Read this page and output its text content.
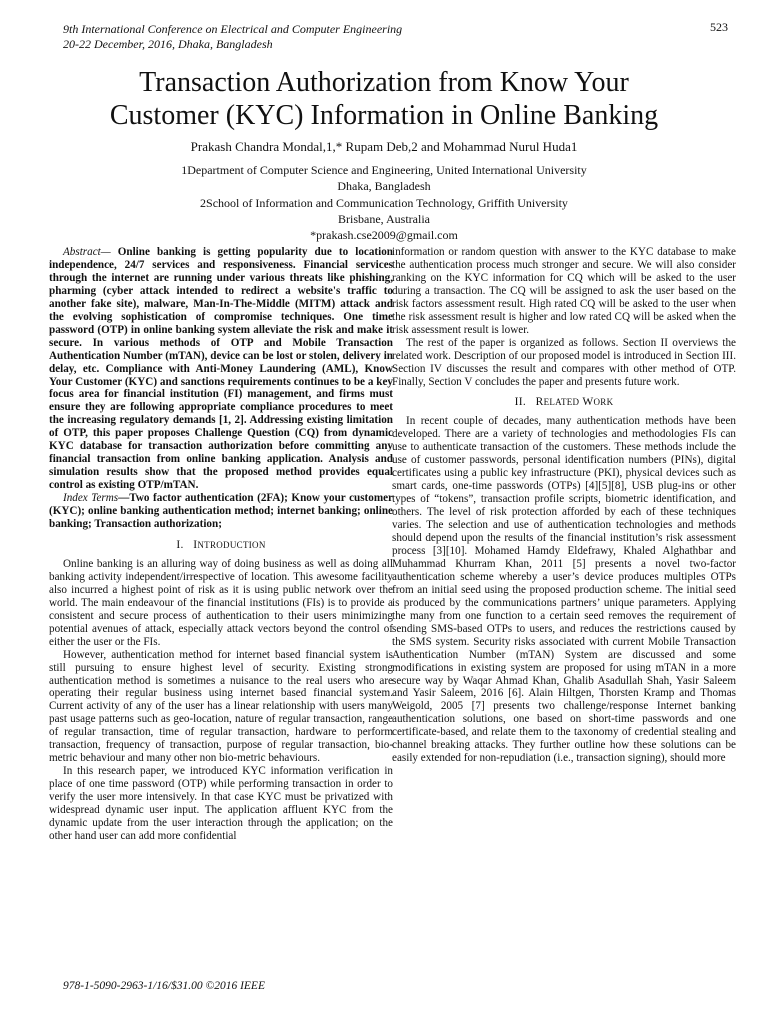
9th International Conference on Electrical and Computer Engineering
20-22 December, 2016, Dhaka, Bangladesh
523
Transaction Authorization from Know Your
Customer (KYC) Information in Online Banking
Prakash Chandra Mondal,1,* Rupam Deb,2 and Mohammad Nurul Huda1
1Department of Computer Science and Engineering, United International University
Dhaka, Bangladesh
2School of Information and Communication Technology, Griffith University
Brisbane, Australia
*prakash.cse2009@gmail.com

Abstract— Online banking is getting popularity due to location independence, 24/7 services and responsiveness. Financial services through the internet are running under various threats like phishing, pharming (cyber attack intended to redirect a website's traffic to another fake site), malware, Man-In-The-Middle (MITM) attack and the evolving sophistication of compromise techniques. One time password (OTP) in online banking system alleviate the risk and make it secure. In various methods of OTP and Mobile Transaction Authentication Number (mTAN), device can be lost or stolen, delivery in delay, etc. Compliance with Anti-Money Laundering (AML), Know Your Customer (KYC) and sanctions requirements continues to be a key focus area for financial institution (FI) management, and firms must ensure they are following appropriate compliance procedures to meet the increasing regulatory demands [1, 2]. Addressing existing limitation of OTP, this paper proposes Challenge Question (CQ) from dynamic KYC database for transaction authorization before committing any financial transaction from online banking application. Analysis and simulation results show that the proposed method provides equal control as existing OTP/mTAN.

Index Terms—Two factor authentication (2FA); Know your customer (KYC); online banking authentication method; internet banking; online banking; Transaction authorization;

I. INTRODUCTION

Online banking is an alluring way of doing business as well as doing all banking activity independent/irrespective of location. This awesome facility also incurred a highest point of risk as it is using public network over the world. The main endeavour of the financial institutions (FIs) is to provide a consistent and secure process of authentication to their users minimizing potential avenues of attack, especially attack vectors beyond the control of either the user or the FIs.

However, authentication method for internet based financial system is still pursuing to ensure highest level of security. Existing strong authentication method is sometimes a nuisance to the real users who are operating their regular business using internet based financial system. Current activity of any of the user has a linear relationship with users many past usage patterns such as geo-location, nature of regular transaction, range of regular transaction, time of regular transaction, hardware to perform transaction, frequency of transaction, purpose of regular transaction, bio-metric behaviour and many other non bio-metric behaviours.

In this research paper, we introduced KYC information verification in place of one time password (OTP) while performing transaction in order to verify the user more intensively. In that case KYC must be privatized with widespread dynamic user input. The application affluent KYC from the dynamic update from the user interaction through the application; on the other hand user can add more confidential

information or random question with answer to the KYC database to make the authentication process much stronger and secure. We will also consider ranking on the KYC information for CQ which will be asked to the user during a transaction. The CQ will be assigned to ask the user based on the risk factors assessment result. High rated CQ will be asked to the user when the risk assessment result is higher and low rated CQ will be asked when the risk assessment result is lower.

The rest of the paper is organized as follows. Section II overviews the related work. Description of our proposed model is introduced in Section III. Section IV discusses the result and compares with other method of OTP. Finally, Section V concludes the paper and presents future work.

II. RELATED WORK

In recent couple of decades, many authentication methods have been developed. There are a variety of technologies and methodologies FIs can use to authenticate transaction of the customers. These methods include the use of customer passwords, personal identification numbers (PINs), digital certificates using a public key infrastructure (PKI), physical devices such as smart cards, one-time passwords (OTPs) [4][5][8], USB plug-ins or other types of “tokens”, transaction profile scripts, biometric identification, and others. The level of risk protection afforded by each of these techniques varies. The selection and use of authentication technologies and methods should depend upon the results of the financial institution’s risk assessment process [3][10]. Mohamed Hamdy Eldefrawy, Khaled Alghathbar and Muhammad Khurram Khan, 2011 [5] presents a novel two-factor authentication scheme whereby a user’s device produces multiples OTPs from an initial seed using the proposed production scheme. The initial seed is produced by the communications partners’ unique parameters. Applying the many from one function to a certain seed removes the requirement of sending SMS-based OTPs to users, and reduces the restrictions caused by the SMS system. Security risks associated with current Mobile Transaction Authentication Number (mTAN) System are discussed and some modifications in existing system are proposed for using mTAN in a more secure way by Waqar Ahmad Khan, Ghalib Asadullah Shah, Yasir Saleem and Yasir Saleem, 2016 [6]. Alain Hiltgen, Thorsten Kramp and Thomas Weigold, 2005 [7] presents two challenge/response Internet banking authentication solutions, one based on short-time passwords and one certificate-based, and relate them to the taxonomy of credential stealing and channel breaking attacks. They further outline how these solutions can be easily extended for non-repudiation (i.e., transaction signing), should more

978-1-5090-2963-1/16/$31.00 ©2016 IEEE
